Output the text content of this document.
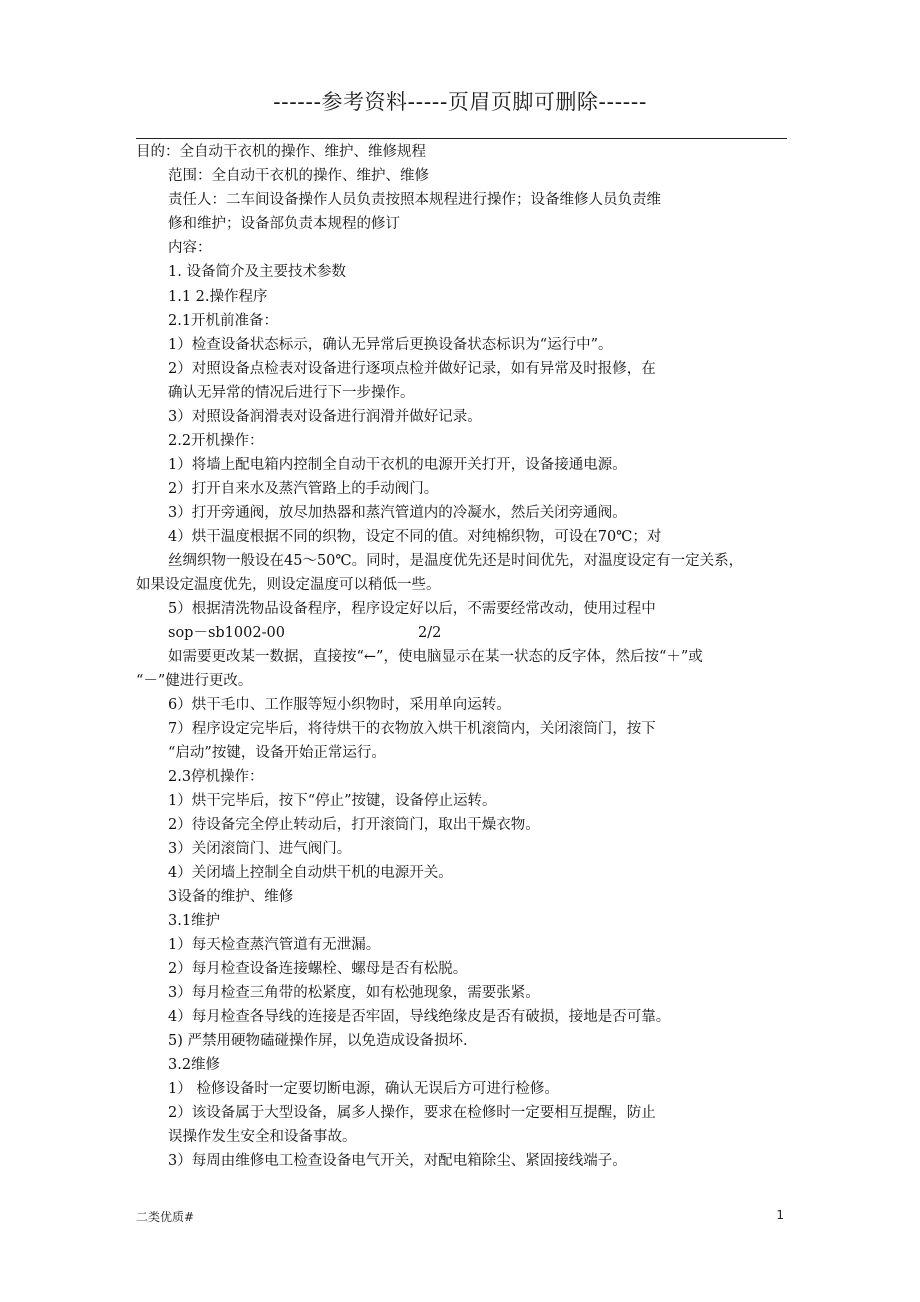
------参考资料-----页眉页脚可删除------
目的：全自动干衣机的操作、维护、维修规程
范围：全自动干衣机的操作、维护、维修
责任人：二车间设备操作人员负责按照本规程进行操作；设备维修人员负责维
修和维护；设备部负责本规程的修订
内容：
1. 设备简介及主要技术参数
1.1 2.操作程序
2.1开机前准备：
1）检查设备状态标示，确认无异常后更换设备状态标识为“运行中”。
2）对照设备点检表对设备进行逐项点检并做好记录，如有异常及时报修，在
确认无异常的情况后进行下一步操作。
3）对照设备润滑表对设备进行润滑并做好记录。
2.2开机操作：
1）将墙上配电箱内控制全自动干衣机的电源开关打开，设备接通电源。
2）打开自来水及蒸汽管路上的手动阀门。
3）打开旁通阀，放尽加热器和蒸汽管道内的冷凝水，然后关闭旁通阀。
4）烘干温度根据不同的织物，设定不同的值。对纯棉织物，可设在70℃；对
丝绸织物一般设在45～50℃。同时，是温度优先还是时间优先，对温度设定有一定关系，
如果设定温度优先，则设定温度可以稍低一些。
5）根据清洗物品设备程序，程序设定好以后，不需要经常改动，使用过程中
sop－sb1002-00	2/2
如需要更改某一数据，直接按“←”，使电脑显示在某一状态的反字体，然后按“＋”或
“－”健进行更改。
6）烘干毛巾、工作服等短小织物时，采用单向运转。
7）程序设定完毕后，将待烘干的衣物放入烘干机滚筒内，关闭滚筒门，按下
“启动”按键，设备开始正常运行。
2.3停机操作：
1）烘干完毕后，按下“停止”按键，设备停止运转。
2）待设备完全停止转动后，打开滚筒门，取出干燥衣物。
3）关闭滚筒门、进气阀门。
4）关闭墙上控制全自动烘干机的电源开关。
3设备的维护、维修
3.1维护
1）每天检查蒸汽管道有无泄漏。
2）每月检查设备连接螺栓、螺母是否有松脱。
3）每月检查三角带的松紧度，如有松弛现象，需要张紧。
4）每月检查各导线的连接是否牢固，导线绝缘皮是否有破损，接地是否可靠。
5) 严禁用硬物磕碰操作屏，以免造成设备损坏.
3.2维修
1） 检修设备时一定要切断电源，确认无误后方可进行检修。
2）该设备属于大型设备，属多人操作，要求在检修时一定要相互提醒，防止
误操作发生安全和设备事故。
3）每周由维修电工检查设备电气开关，对配电箱除尘、紧固接线端子。
二类优质#	1
